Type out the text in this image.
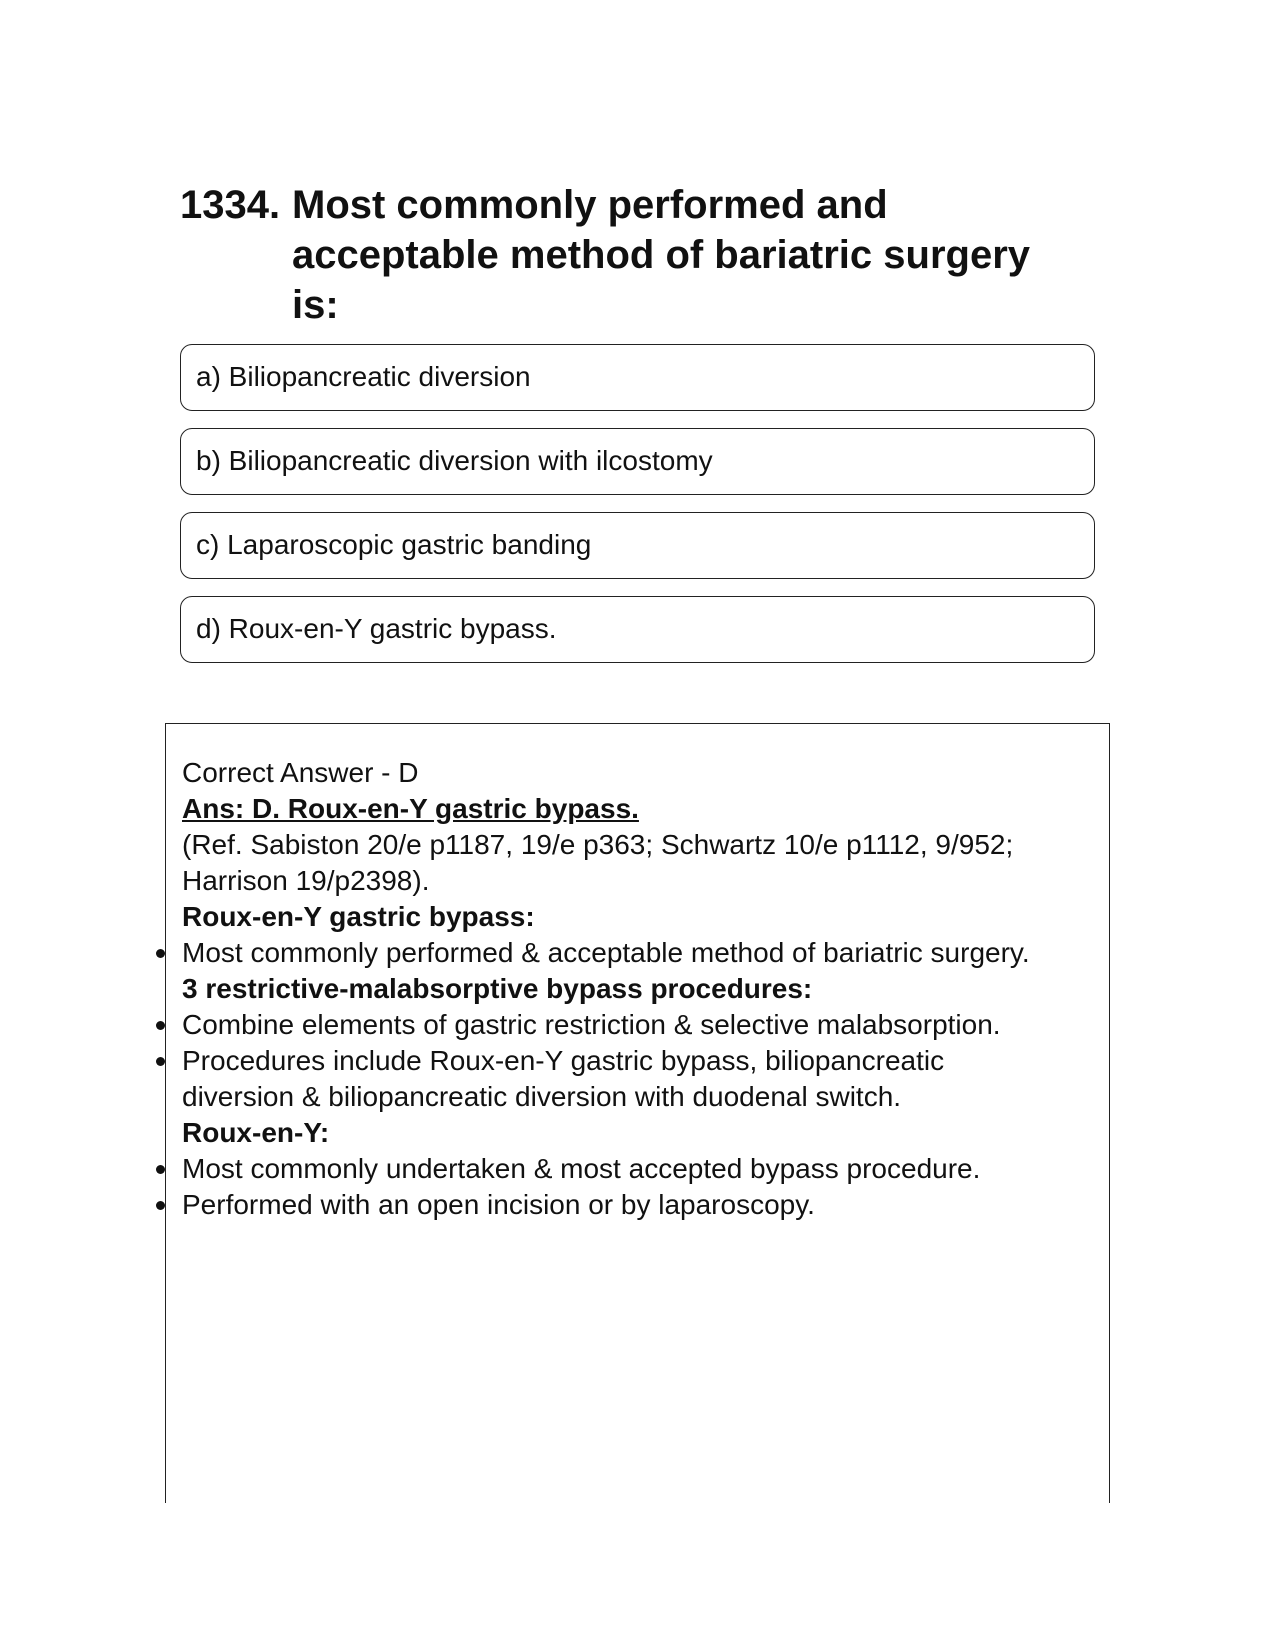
1334. Most commonly performed and acceptable method of bariatric surgery is:
a) Biliopancreatic diversion
b) Biliopancreatic diversion with ilcostomy
c) Laparoscopic gastric banding
d) Roux-en-Y gastric bypass.
Correct Answer - D
Ans: D. Roux-en-Y gastric bypass.
(Ref. Sabiston 20/e p1187, 19/e p363; Schwartz 10/e p1112, 9/952;
Harrison 19/p2398).
Roux-en-Y gastric bypass:
Most commonly performed & acceptable method of bariatric surgery.
3 restrictive-malabsorptive bypass procedures:
Combine elements of gastric restriction & selective malabsorption.
Procedures include Roux-en-Y gastric bypass, biliopancreatic
diversion & biliopancreatic diversion with duodenal switch.
Roux-en-Y:
Most commonly undertaken & most accepted bypass procedure.
Performed with an open incision or by laparoscopy.
